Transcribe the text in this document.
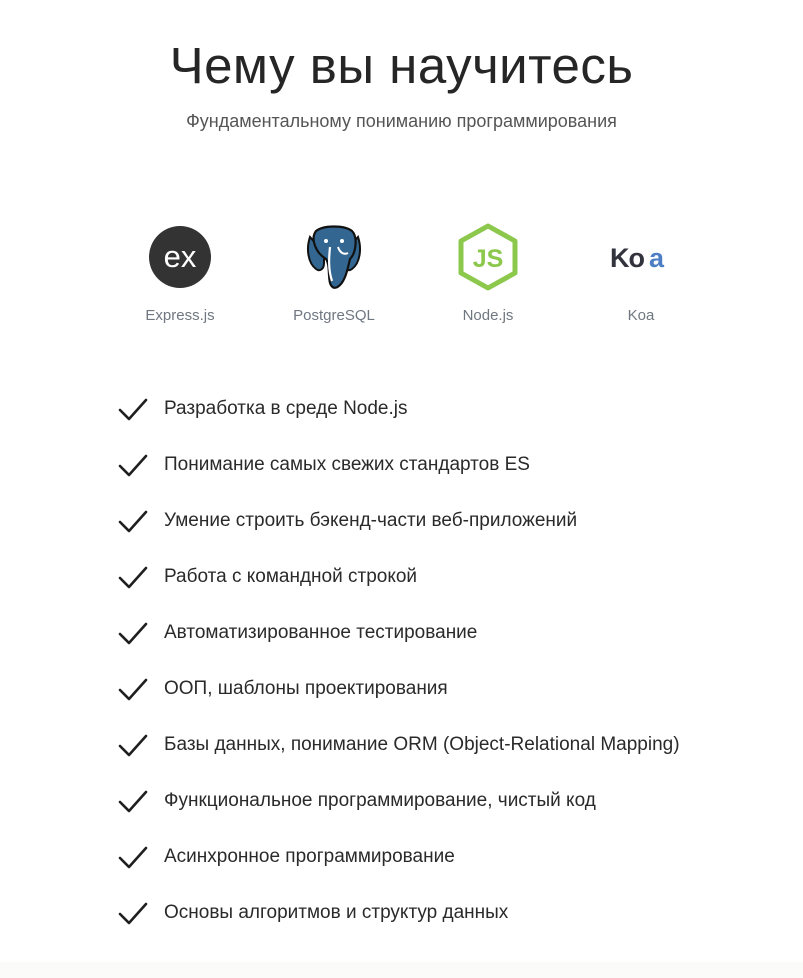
Чему вы научитесь

Фундаментальному пониманию программирования

ex
Express.js	PostgreSQL
JS
Node.js
Ko a
Koa
Разработка в среде Node.js
Понимание самых свежих стандартов ES
Умение строить бэкенд-части веб-приложений
Работа с командной строкой
Автоматизированное тестирование
ООП, шаблоны проектирования
Базы данных, понимание ORM (Object-Relational Mapping)
Функциональное программирование, чистый код
Асинхронное программирование
Основы алгоритмов и структур данных
